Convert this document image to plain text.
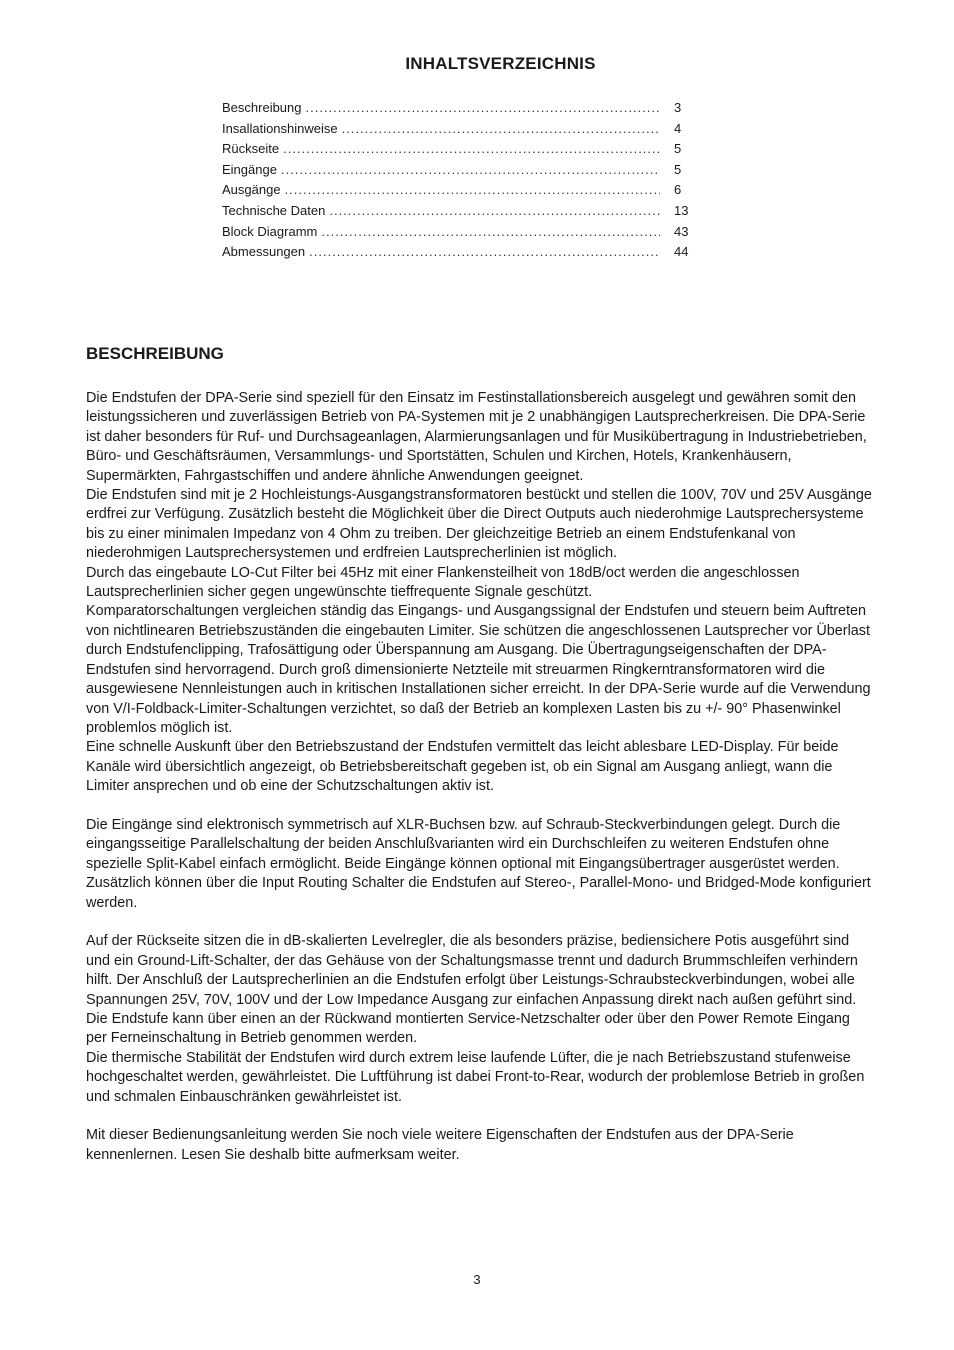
INHALTSVERZEICHNIS
Beschreibung .....	3
Insallationshinweise .....	4
Rückseite .....	5
Eingänge .....	5
Ausgänge .....	6
Technische Daten .....	13
Block Diagramm .....	43
Abmessungen .....	44
BESCHREIBUNG

Die Endstufen der DPA-Serie sind speziell für den Einsatz im Festinstallationsbereich ausgelegt und gewähren somit den leistungssicheren und zuverlässigen Betrieb von PA-Systemen mit je 2 unabhängigen Lautsprecherkreisen. Die DPA-Serie ist daher besonders für Ruf- und Durchsageanlagen, Alarmierungsanlagen und für Musikübertragung in Industriebetrieben, Büro- und Geschäftsräumen, Versammlungs- und Sportstätten, Schulen und Kirchen, Hotels, Krankenhäusern, Supermärkten, Fahrgastschiffen und andere ähnliche Anwendungen geeignet.

Die Endstufen sind mit je 2 Hochleistungs-Ausgangstransformatoren bestückt und stellen die 100V, 70V und 25V Ausgänge erdfrei zur Verfügung. Zusätzlich besteht die Möglichkeit über die Direct Outputs auch niederohmige Lautsprechersysteme bis zu einer minimalen Impedanz von 4 Ohm zu treiben. Der gleichzeitige Betrieb an einem Endstufenkanal von niederohmigen Lautsprechersystemen und erdfreien Lautsprecherlinien ist möglich.

Durch das eingebaute LO-Cut Filter bei 45Hz mit einer Flankensteilheit von 18dB/oct werden die angeschlossen Lautsprecherlinien sicher gegen ungewünschte tieffrequente Signale geschützt.

Komparatorschaltungen vergleichen ständig das Eingangs- und Ausgangssignal der Endstufen und steuern beim Auftreten von nichtlinearen Betriebszuständen die eingebauten Limiter. Sie schützen die angeschlossenen Lautsprecher vor Überlast durch Endstufenclipping, Trafosättigung oder Überspannung am Ausgang. Die Übertragungseigenschaften der DPA-Endstufen sind hervorragend. Durch groß dimensionierte Netzteile mit streuarmen Ringkerntransformatoren wird die ausgewiesene Nennleistungen auch in kritischen Installationen sicher erreicht. In der DPA-Serie wurde auf die Verwendung von V/I-Foldback-Limiter-Schaltungen verzichtet, so daß der Betrieb an komplexen Lasten bis zu +/- 90° Phasenwinkel problemlos möglich ist.

Eine schnelle Auskunft über den Betriebszustand der Endstufen vermittelt das leicht ablesbare LED-Display. Für beide Kanäle wird übersichtlich angezeigt, ob Betriebsbereitschaft gegeben ist, ob ein Signal am Ausgang anliegt, wann die Limiter ansprechen und ob eine der Schutzschaltungen aktiv ist.

Die Eingänge sind elektronisch symmetrisch auf XLR-Buchsen bzw. auf Schraub-Steckverbindungen gelegt. Durch die eingangsseitige Parallelschaltung der beiden Anschlußvarianten wird ein Durchschleifen zu weiteren Endstufen ohne spezielle Split-Kabel einfach ermöglicht. Beide Eingänge können optional mit Eingangsübertrager ausgerüstet werden. Zusätzlich können über die Input Routing Schalter die Endstufen auf Stereo-, Parallel-Mono- und Bridged-Mode konfiguriert werden.

Auf der Rückseite sitzen die in dB-skalierten Levelregler, die als besonders präzise, bediensichere Potis ausgeführt sind und ein Ground-Lift-Schalter, der das Gehäuse von der Schaltungsmasse trennt und dadurch Brummschleifen verhindern hilft. Der Anschluß der Lautsprecherlinien an die Endstufen erfolgt über Leistungs-Schraubsteckverbindungen, wobei alle Spannungen 25V, 70V, 100V und der Low Impedance Ausgang zur einfachen Anpassung direkt nach außen geführt sind. Die Endstufe kann über einen an der Rückwand montierten Service-Netzschalter oder über den Power Remote Eingang per Ferneinschaltung in Betrieb genommen werden.

Die thermische Stabilität der Endstufen wird durch extrem leise laufende Lüfter, die je nach Betriebszustand stufenweise hochgeschaltet werden, gewährleistet. Die Luftführung ist dabei Front-to-Rear, wodurch der problemlose Betrieb in großen und schmalen Einbauschränken gewährleistet ist.

Mit dieser Bedienungsanleitung werden Sie noch viele weitere Eigenschaften der Endstufen aus der DPA-Serie kennenlernen. Lesen Sie deshalb bitte aufmerksam weiter.

3
